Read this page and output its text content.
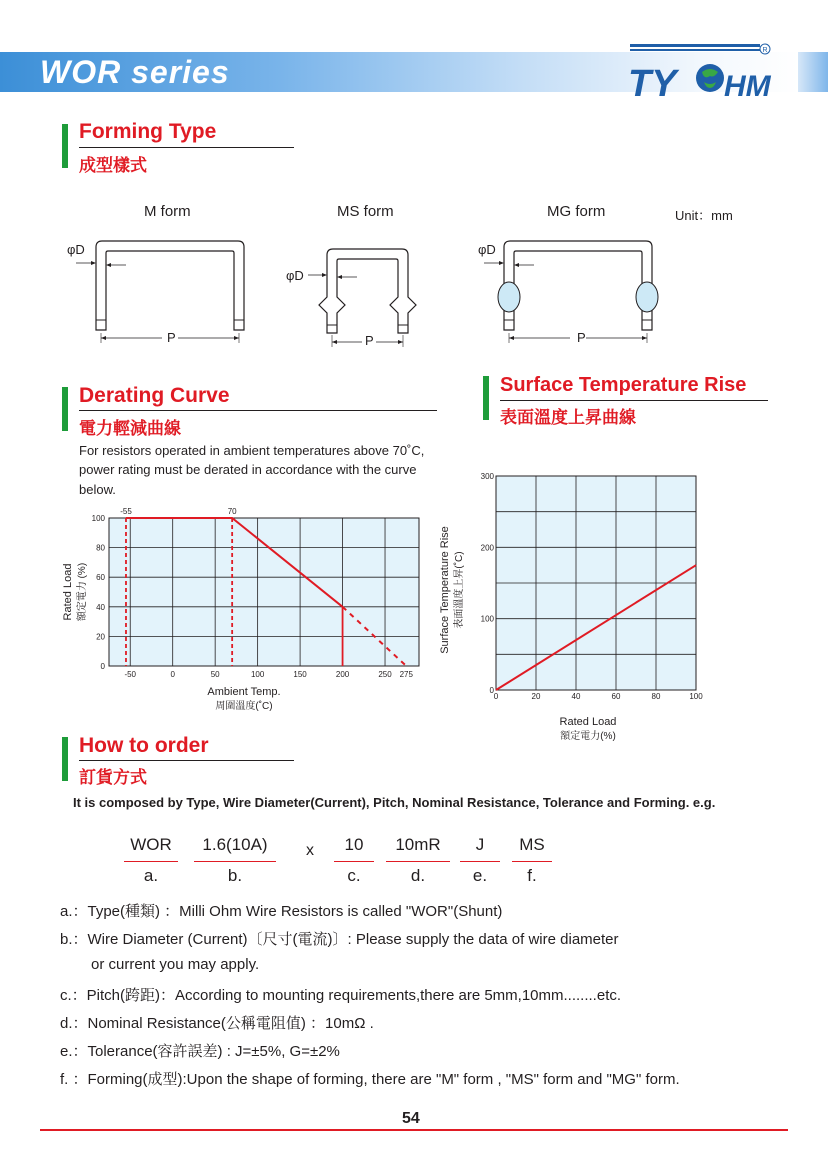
WOR series	TY HM
R
Forming Type
成型樣式
M form	MS form	MG form	Unit：mm
φD
P
φD
P
φD
P
Derating Curve
電力輕減曲線
For resistors operated in ambient temperatures above 70˚C,
power rating must be derated in accordance with the curve
below.
-50	0	50	100	150	200	250 275
0
20
40
60
80
100
-55	70
Ambient Temp.
周圍溫度(˚C)
Rated Load 額定電力 (%)
Surface Temperature Rise
表面溫度上昇曲線
0	20	40	60	80	100
0
100
200
300
Rated Load
額定電力(%)
Surface Temperature Rise 表面溫度上昇(˚C)
How to order
訂貨方式
It is composed by Type, Wire Diameter(Current), Pitch, Nominal Resistance, Tolerance and Forming. e.g.
WOR
a.
1.6(10A)
b.
10
c.
10mR
d.
J
e.
MS
f.
x
a.：Type(種類) ：Milli Ohm Wire Resistors is called "WOR"(Shunt)
b.：Wire Diameter (Current)〔尺寸(電流)〕: Please supply the data of wire diameter
or current you may apply.
c.：Pitch(跨距)：According to mounting requirements,there are 5mm,10mm........etc.
d.：Nominal Resistance(公稱電阻值) ：10mΩ .
e.：Tolerance(容許誤差) : J=±5%, G=±2%
f. ：Forming(成型):Upon the shape of forming, there are "M" form , "MS" form and "MG" form.
54
